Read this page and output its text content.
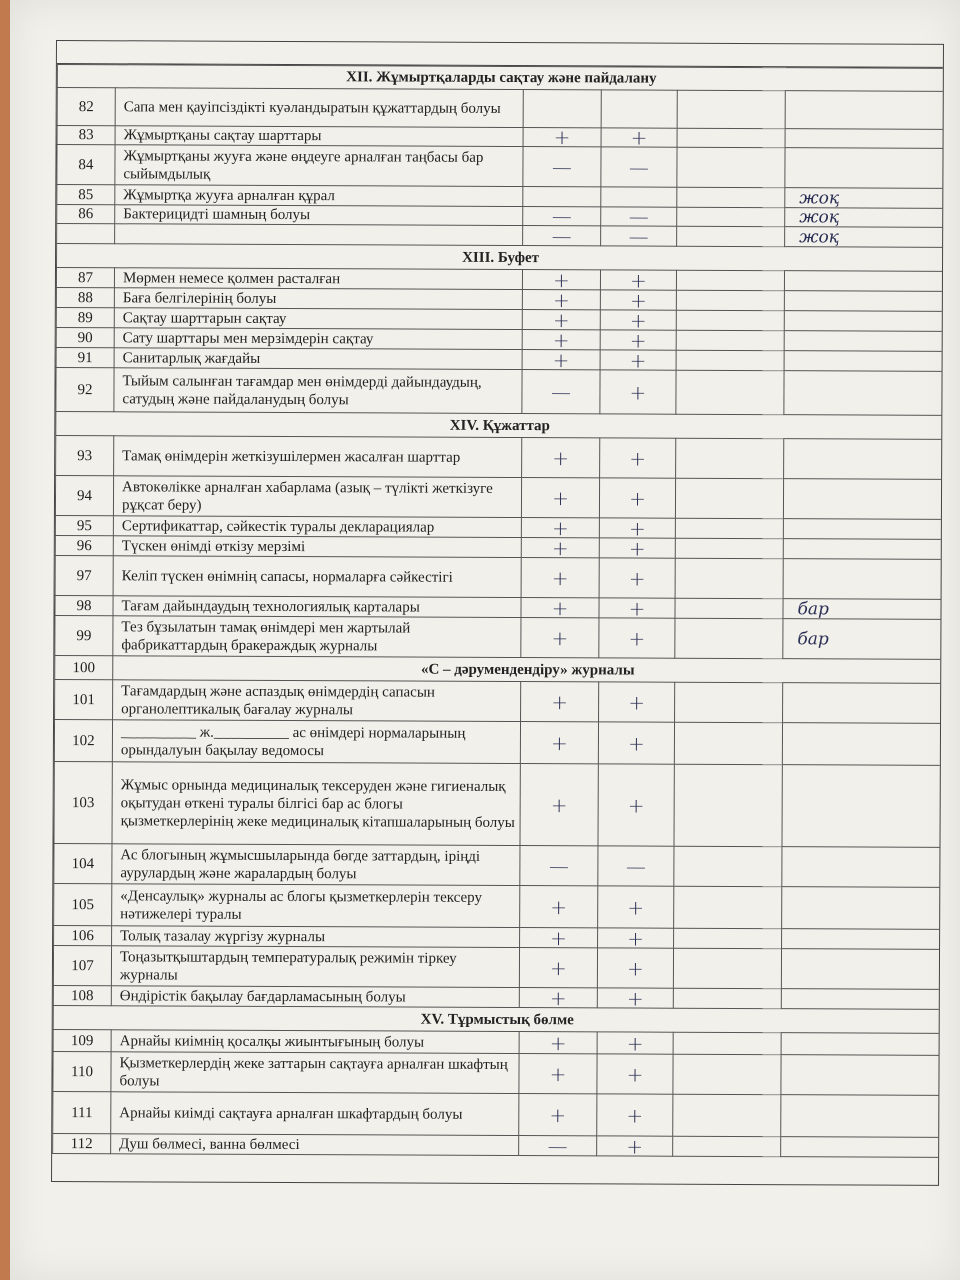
XII. Жұмыртқаларды сақтау және пайдалану					
82	Сапа мен қауіпсіздікті куәландыратын құжаттардың болуы				
83	Жұмыртқаны сақтау шарттары	+	+		
84	Жұмыртқаны жууға және өңдеуге арналған таңбасы бар сыйымдылық	—	—		
85	Жұмыртқа жууға арналған құрал				жоқ
86	Бактерицидті шамның болуы	—	—		жоқ
		—	—		жоқ
XIII. Буфет					
87	Мөрмен немесе қолмен расталған	+	+		
88	Баға белгілерінің болуы	+	+		
89	Сақтау шарттарын сақтау	+	+		
90	Сату шарттары мен мерзімдерін сақтау	+	+		
91	Санитарлық жағдайы	+	+		
92	Тыйым салынған тағамдар мен өнімдерді дайындаудың, сатудың және пайдаланудың болуы	—	+		
XIV. Құжаттар					
93	Тамақ өнімдерін жеткізушілермен жасалған шарттар	+	+		
94	Автокөлікке арналған хабарлама (азық – түлікті жеткізуге рұқсат беру)	+	+		
95	Сертификаттар, сәйкестік туралы декларациялар	+	+		
96	Түскен өнімді өткізу мерзімі	+	+		
97	Келіп түскен өнімнің сапасы, нормаларға сәйкестігі	+	+		
98	Тағам дайындаудың технологиялық карталары	+	+		бар
99	Тез бұзылатын тамақ өнімдері мен жартылай фабрикаттардың бракераждық журналы	+	+		бар
100	«С – дәрумендендіру» журналы				
101	Тағамдардың және аспаздық өнімдердің сапасын органолептикалық бағалау журналы	+	+		
102	__________ ж.__________ ас өнімдері нормаларының орындалуын бақылау ведомосы	+	+		
103	Жұмыс орнында медициналық тексеруден және гигиеналық оқытудан өткені туралы білгісі бар ас блогы қызметкерлерінің жеке медициналық кітапшаларының болуы	+	+		
104	Ас блогының жұмысшыларында бөгде заттардың, іріңді аурулардың және жаралардың болуы	—	—		
105	«Денсаулық» журналы ас блогы қызметкерлерін тексеру нәтижелері туралы	+	+		
106	Толық тазалау жүргізу журналы	+	+		
107	Тоңазытқыштардың температуралық режимін тіркеу журналы	+	+		
108	Өндірістік бақылау бағдарламасының болуы	+	+		
XV. Тұрмыстық бөлме					
109	Арнайы киімнің қосалқы жиынтығының болуы	+	+		
110	Қызметкерлердің жеке заттарын сақтауға арналған шкафтың болуы	+	+		
111	Арнайы киімді сақтауға арналған шкафтардың болуы	+	+		
112	Душ бөлмесі, ванна бөлмесі	—	+		
